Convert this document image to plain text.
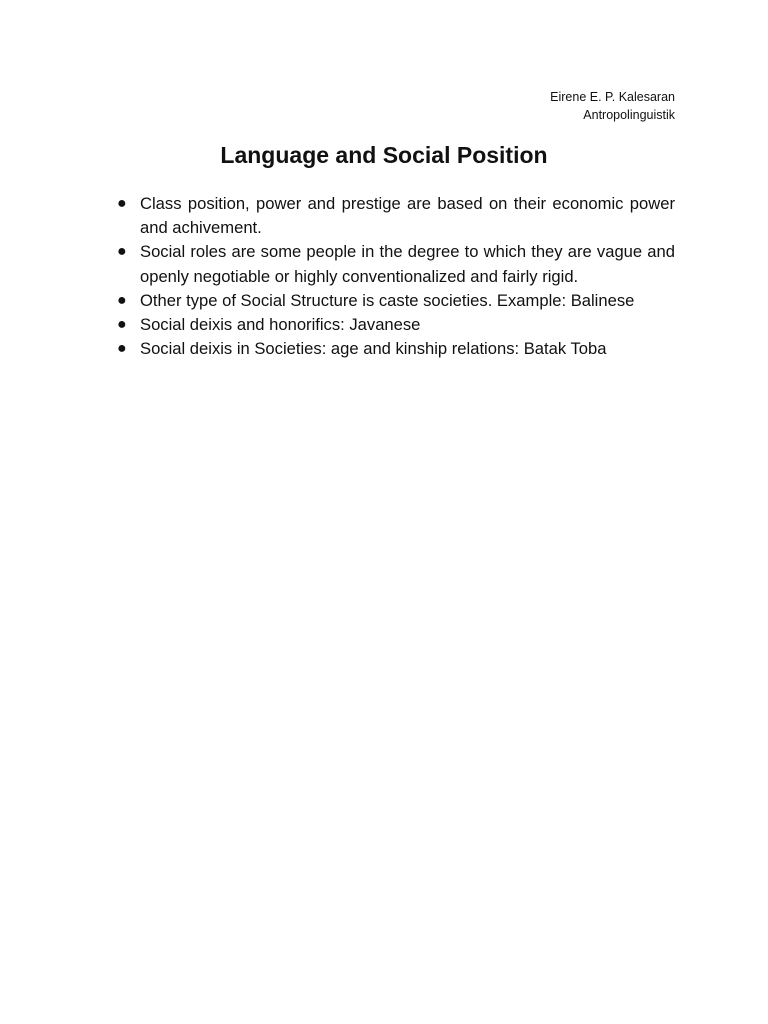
Eirene E. P. Kalesaran
Antropolinguistik
Language and Social Position
● Class position, power and prestige are based on their economic power and achivement.
● Social roles are some people in the degree to which they are vague and openly negotiable or highly conventionalized and fairly rigid.
● Other type of Social Structure is caste societies. Example: Balinese
● Social deixis and honorifics: Javanese
● Social deixis in Societies: age and kinship relations: Batak Toba
